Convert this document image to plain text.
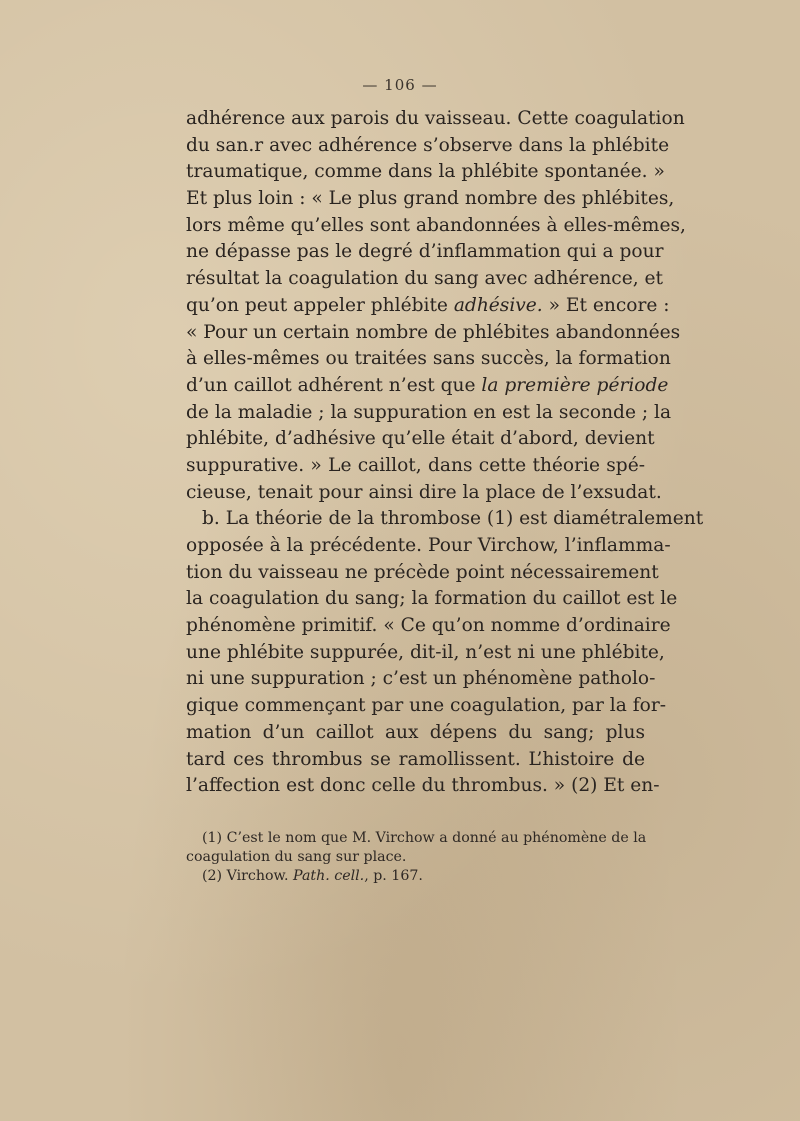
— 106 —
adhérence aux parois du vaisseau. Cette coagulation
du san.r avec adhérence s’observe dans la phlébite
traumatique, comme dans la phlébite spontanée. »
Et plus loin : « Le plus grand nombre des phlébites,
lors même qu’elles sont abandonnées à elles-mêmes,
ne dépasse pas le degré d’inflammation qui a pour
résultat la coagulation du sang avec adhérence, et
qu’on peut appeler phlébite adhésive. » Et encore :
« Pour un certain nombre de phlébites abandonnées
à elles-mêmes ou traitées sans succès, la formation
d’un caillot adhérent n’est que la première période
de la maladie ; la suppuration en est la seconde ; la
phlébite, d’adhésive qu’elle était d’abord, devient
suppurative. » Le caillot, dans cette théorie spé-
cieuse, tenait pour ainsi dire la place de l’exsudat.
b. La théorie de la thrombose (1) est diamétralement
opposée à la précédente. Pour Virchow, l’inflamma-
tion du vaisseau ne précède point nécessairement
la coagulation du sang; la formation du caillot est le
phénomène primitif. « Ce qu’on nomme d’ordinaire
une phlébite suppurée, dit-il, n’est ni une phlébite,
ni une suppuration ; c’est un phénomène patholo-
gique commençant par une coagulation, par la for-
mation d’un caillot aux dépens du sang; plus
tard ces thrombus se ramollissent. L’histoire de
l’affection est donc celle du thrombus. » (2) Et en-
(1) C’est le nom que M. Virchow a donné au phénomène de la
coagulation du sang sur place.
(2) Virchow. Path. cell., p. 167.
